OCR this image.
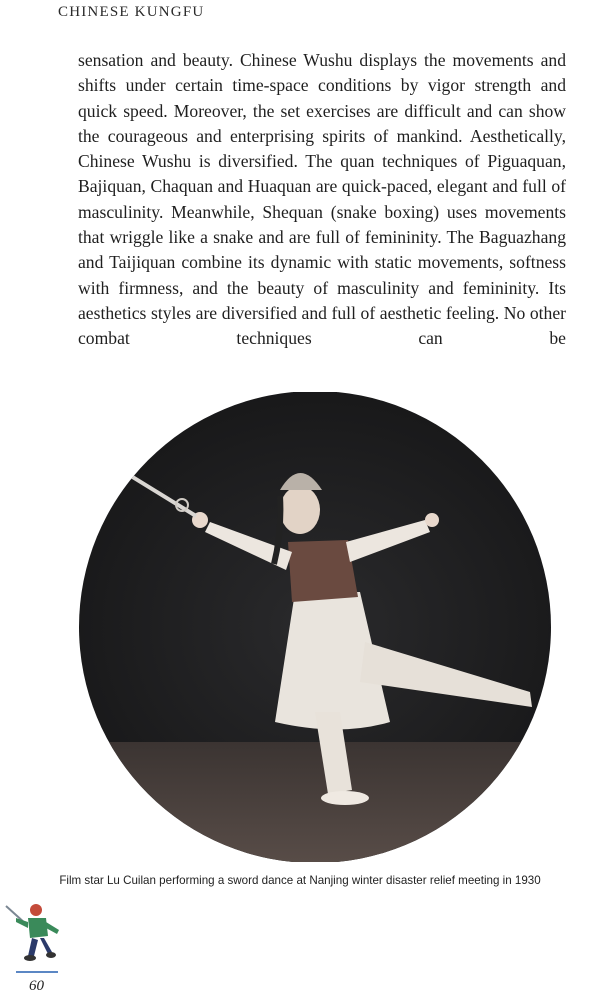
CHINESE KUNGFU

sensation and beauty. Chinese Wushu displays the movements and shifts under certain time-space conditions by vigor strength and quick speed. Moreover, the set exercises are difficult and can show the courageous and enterprising spirits of mankind. Aesthetically, Chinese Wushu is diversified. The quan techniques of Piguaquan, Bajiquan, Chaquan and Huaquan are quick-paced, elegant and full of masculinity. Meanwhile, Shequan (snake boxing) uses movements that wriggle like a snake and are full of femininity. The Baguazhang and Taijiquan combine its dynamic with static movements, softness with firmness, and the beauty of masculinity and femininity. Its aesthetics styles are diversified and full of aesthetic feeling. No other combat techniques can be

Film star Lu Cuilan performing a sword dance at Nanjing winter disaster relief meeting in 1930
60
